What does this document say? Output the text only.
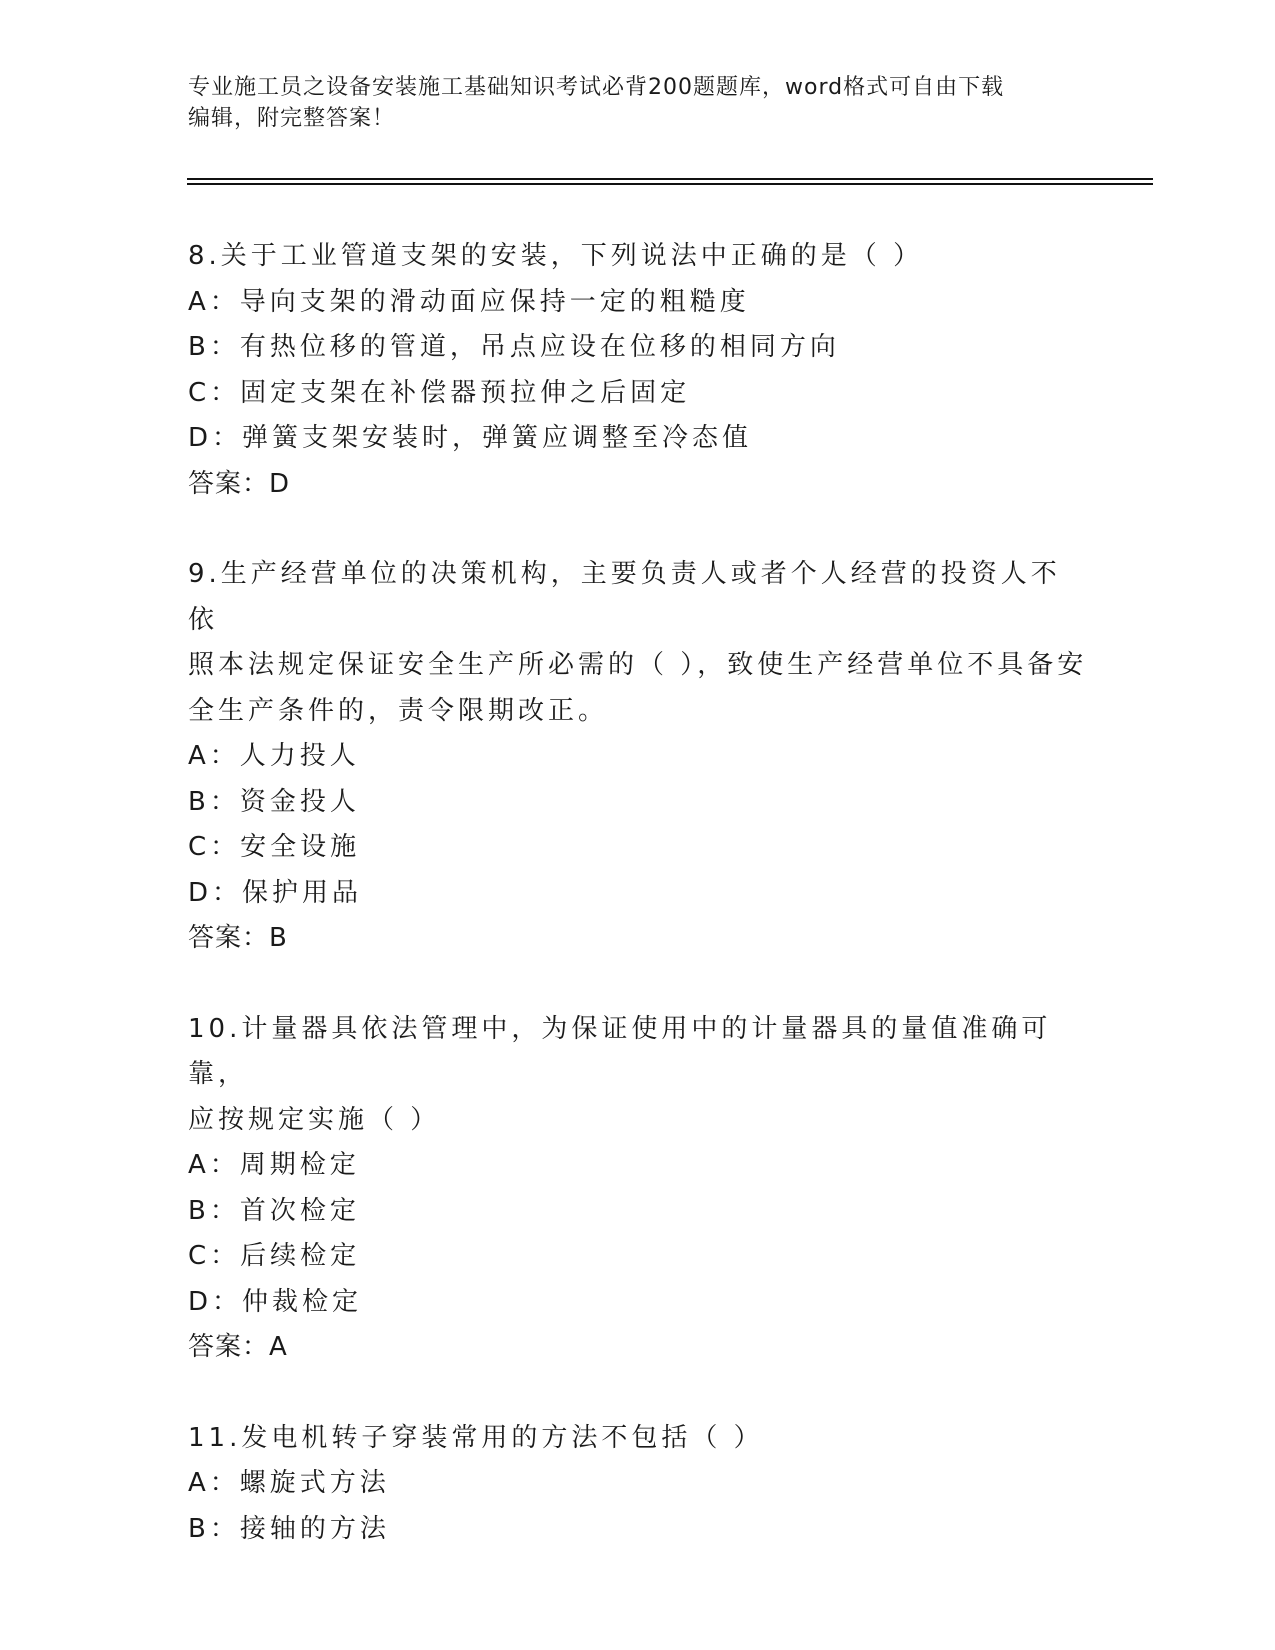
专业施工员之设备安装施工基础知识考试必背200题题库，word格式可自由下载
编辑，附完整答案！
8.关于工业管道支架的安装，下列说法中正确的是（ ）
A：导向支架的滑动面应保持一定的粗糙度
B：有热位移的管道，吊点应设在位移的相同方向
C：固定支架在补偿器预拉伸之后固定
D：弹簧支架安装时，弹簧应调整至冷态值
答案：D
9.生产经营单位的决策机构，主要负责人或者个人经营的投资人不依
照本法规定保证安全生产所必需的（ ），致使生产经营单位不具备安
全生产条件的，责令限期改正。
A：人力投人
B：资金投人
C：安全设施
D：保护用品
答案：B
10.计量器具依法管理中，为保证使用中的计量器具的量值准确可靠，
应按规定实施（ ）
A：周期检定
B：首次检定
C：后续检定
D：仲裁检定
答案：A
11.发电机转子穿装常用的方法不包括（ ）
A：螺旋式方法
B：接轴的方法
